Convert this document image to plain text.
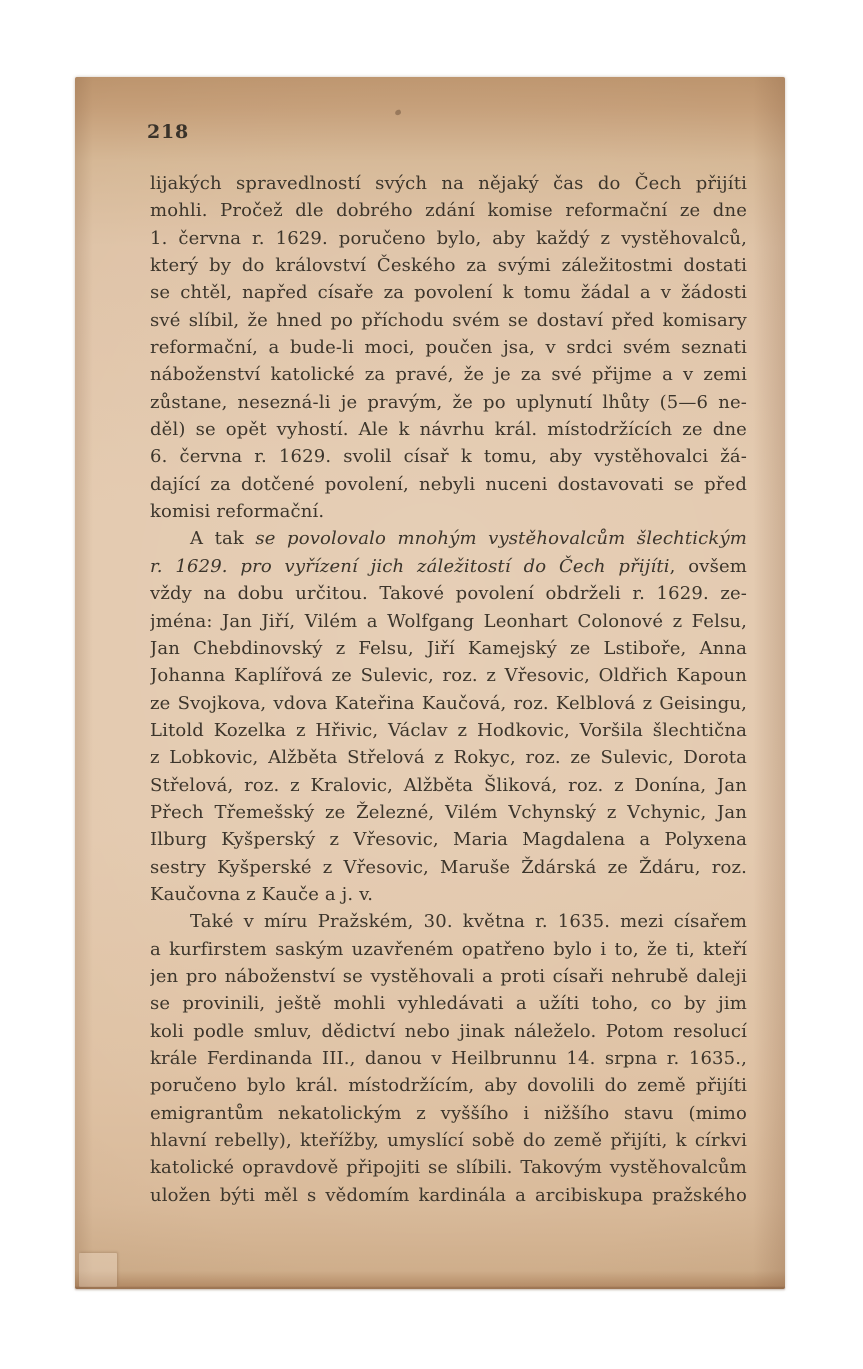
218
lijakých spravedlností svých na nějaký čas do Čech přijíti
mohli. Pročež dle dobrého zdání komise reformační ze dne
1. června r. 1629. poručeno bylo, aby každý z vystěhovalců,
který by do království Českého za svými záležitostmi dostati
se chtěl, napřed císaře za povolení k tomu žádal a v žádosti
své slíbil, že hned po příchodu svém se dostaví před komisary
reformační, a bude-li moci, poučen jsa, v srdci svém seznati
náboženství katolické za pravé, že je za své přijme a v zemi
zůstane, nesezná-li je pravým, že po uplynutí lhůty (5—6 ne-
děl) se opět vyhostí. Ale k návrhu král. místodržících ze dne
6. června r. 1629. svolil císař k tomu, aby vystěhovalci žá-
dající za dotčené povolení, nebyli nuceni dostavovati se před
komisi reformační.
A tak se povolovalo mnohým vystěhovalcům šlechtickým
r. 1629. pro vyřízení jich záležitostí do Čech přijíti, ovšem
vždy na dobu určitou. Takové povolení obdrželi r. 1629. ze-
jména: Jan Jiří, Vilém a Wolfgang Leonhart Colonové z Felsu,
Jan Chebdinovský z Felsu, Jiří Kamejský ze Lstiboře, Anna
Johanna Kaplířová ze Sulevic, roz. z Vřesovic, Oldřich Kapoun
ze Svojkova, vdova Kateřina Kaučová, roz. Kelblová z Geisingu,
Litold Kozelka z Hřivic, Václav z Hodkovic, Voršila šlechtična
z Lobkovic, Alžběta Střelová z Rokyc, roz. ze Sulevic, Dorota
Střelová, roz. z Kralovic, Alžběta Šliková, roz. z Donína, Jan
Přech Třemešský ze Železné, Vilém Vchynský z Vchynic, Jan
Ilburg Kyšperský z Vřesovic, Maria Magdalena a Polyxena
sestry Kyšperské z Vřesovic, Maruše Ždárská ze Ždáru, roz.
Kaučovna z Kauče a j. v.
Také v míru Pražském, 30. května r. 1635. mezi císařem
a kurfirstem saským uzavřeném opatřeno bylo i to, že ti, kteří
jen pro náboženství se vystěhovali a proti císaři nehrubě daleji
se provinili, ještě mohli vyhledávati a užíti toho, co by jim
koli podle smluv, dědictví nebo jinak náleželo. Potom resolucí
krále Ferdinanda III., danou v Heilbrunnu 14. srpna r. 1635.,
poručeno bylo král. místodržícím, aby dovolili do země přijíti
emigrantům nekatolickým z vyššího i nižšího stavu (mimo
hlavní rebelly), kteřížby, umyslící sobě do země přijíti, k církvi
katolické opravdově připojiti se slíbili. Takovým vystěhovalcům
uložen býti měl s vědomím kardinála a arcibiskupa pražského
